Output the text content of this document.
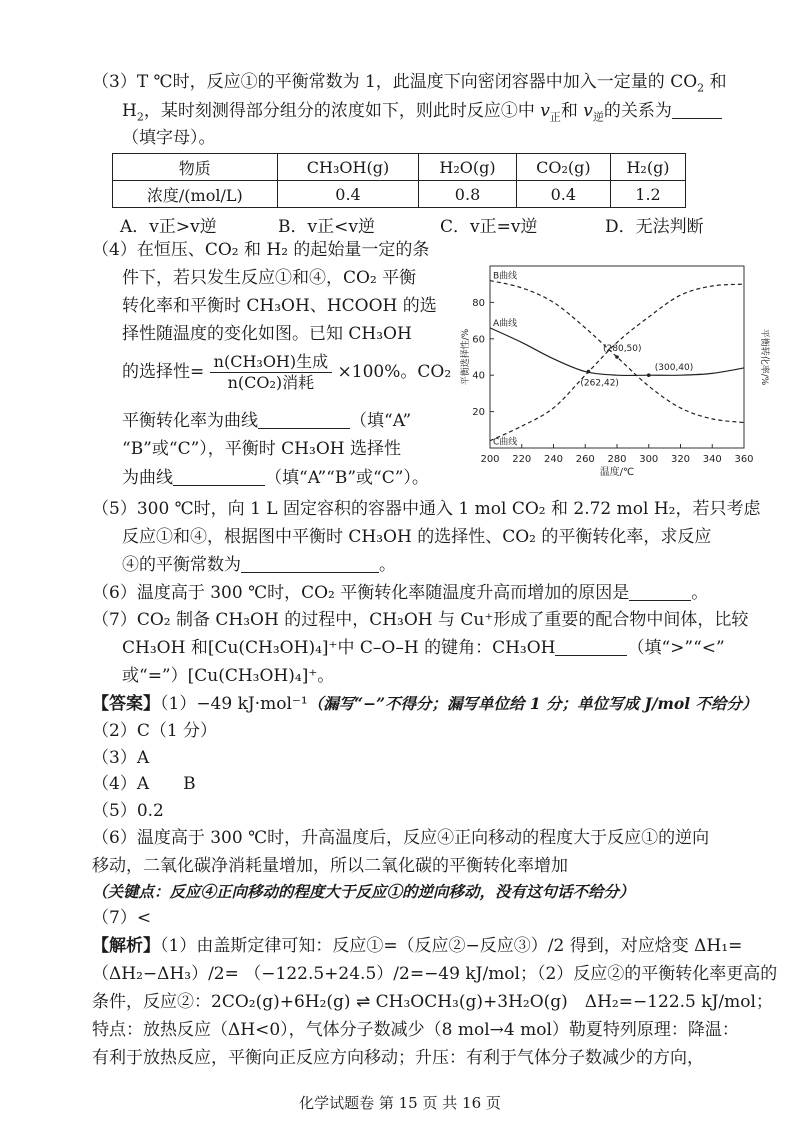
（3）T ℃时，反应①的平衡常数为 1，此温度下向密闭容器中加入一定量的 $CO_2$ 和
$H_2$，某时刻测得部分组分的浓度如下，则此时反应①中 $v_正$和 $v_逆$的关系为
（填字母）。
物质	CH₃OH(g)	H₂O(g)	CO₂(g)	H₂(g)
浓度/(mol/L)	0.4	0.8	0.4	1.2
A．v正>v逆	B．v正<v逆	C．v正=v逆	D．无法判断
（4）在恒压、CO₂ 和 H₂ 的起始量一定的条
件下，若只发生反应①和④，CO₂ 平衡
转化率和平衡时 CH₃OH、HCOOH 的选
择性随温度的变化如图。已知 CH₃OH
的选择性= $\frac{\text{n(CH₃OH)生成}}{\text{n(CO₂)消耗}} \times 100\%$。CO₂
平衡转化率为曲线	（填“A”
“B”或“C”），平衡时 CH₃OH 选择性
为曲线	（填“A”“B”或“C”）。
200 220 240 260 280 300 320 340 360
20
40
60
80
温度/℃
平衡选择性/%	平衡转化率/%
B曲线
A曲线
C曲线
(280,50)
(300,40)
(262,42)
（5）300 ℃时，向 1 L 固定容积的容器中通入 1 mol CO₂ 和 2.72 mol H₂，若只考虑
反应①和④，根据图中平衡时 CH₃OH 的选择性、CO₂ 的平衡转化率，求反应
④的平衡常数为	。
（6）温度高于 300 ℃时，CO₂ 平衡转化率随温度升高而增加的原因是	。
（7）CO₂ 制备 CH₃OH 的过程中，CH₃OH 与 Cu⁺形成了重要的配合物中间体，比较
CH₃OH 和[Cu(CH₃OH)₄]⁺中 C–O–H 的键角：CH₃OH	（填“>”“<”
或“=”）[Cu(CH₃OH)₄]⁺。
【答案】（1）−49 kJ·mol⁻¹（漏写“−”不得分；漏写单位给 1 分；单位写成 J/mol 不给分）
（2）C（1 分）
（3）A
（4）A　　B
（5）0.2
（6）温度高于 300 ℃时，升高温度后，反应④正向移动的程度大于反应①的逆向
移动，二氧化碳净消耗量增加，所以二氧化碳的平衡转化率增加
（关键点：反应④正向移动的程度大于反应①的逆向移动，没有这句话不给分）
（7）<
【解析】（1）由盖斯定律可知：反应①=（反应②−反应③）/2 得到，对应焓变 ΔH₁=
（ΔH₂−ΔH₃）/2= （−122.5+24.5）/2=−49 kJ/mol；（2）反应②的平衡转化率更高的
条件，反应②：2CO₂(g)+6H₂(g) ⇌ CH₃OCH₃(g)+3H₂O(g)　ΔH₂=−122.5 kJ/mol；
特点：放热反应（ΔH<0），气体分子数减少（8 mol→4 mol）勒夏特列原理：降温：
有利于放热反应，平衡向正反应方向移动；升压：有利于气体分子数减少的方向，
化学试题卷 第 15 页 共 16 页
